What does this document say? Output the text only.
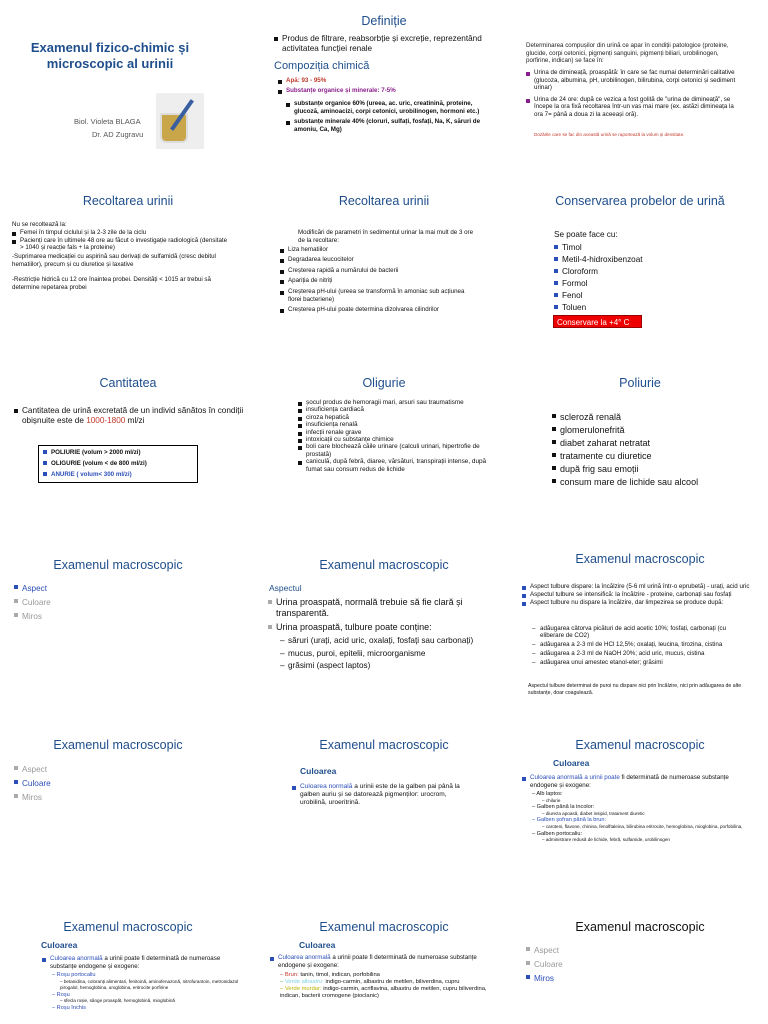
Examenul fizico-chimic și microscopic al urinii
Biol. Violeta BLAGA
Dr. AD Zugravu
Definiție
Produs de filtrare, reabsorbție și excreție, reprezentând activitatea funcției renale
Compoziția chimică
Apă: 93 - 95%
Substanțe organice și minerale: 7-5%
substanțe organice 60% (ureea, ac. uric, creatinină, proteine, glucoză, aminoacizi, corpi cetonici, urobilinogen, hormoni etc.)
substanțe minerale 40% (cloruri, sulfați, fosfați, Na, K, săruri de amoniu, Ca, Mg)
Determinarea compușilor din urină ce apar în condiții patologice (proteine, glucide, corpi cetonici, pigmenți sanguini, pigmenți biliari, urobilinogen, porfirine, indican) se face în:
Urina de dimineață, proaspătă: în care se fac numai determinări calitative (glucoza, albumina, pH, urobilinogen, bilirubina, corpi cetonici și sediment urinar)
Urina de 24 ore: după ce vezica a fost golită de "urina de dimineață", se începe la ora fixă recoltarea într-un vas mai mare (ex. astăzi dimineața la ora 7= până a doua zi la aceeași oră).
Dozările care se fac din această urină se raportează la volum și densitate.
Recoltarea urinii
Nu se recoltează la:
Femei în timpul ciclului și la 2-3 zile de la ciclu
Pacienți care în ultimele 48 ore au făcut o investigație radiologică (densitate > 1040 și reacție fals + la proteine)
-Suprimarea medicației cu aspirină sau derivați de sulfamidă (cresc debitul hematiilor), precum și cu diuretice și laxative
-Restricție hidrică cu 12 ore înaintea probei. Densități < 1015 ar trebui să determine repetarea probei
Recoltarea urinii
Modificări de parametri în sedimentul urinar la mai mult de 3 ore de la recoltare:
Liza hematiilor
Degradarea leucocitelor
Creșterea rapidă a numărului de bacterii
Apariția de nitriți
Creșterea pH-ului (ureea se transformă în amoniac sub acțiunea florei bacteriene)
Creșterea pH-ului poate determina dizolvarea cilindrilor
Conservarea probelor de urină
Se poate face cu:
Timol
Metil-4-hidroxibenzoat
Cloroform
Formol
Fenol
Toluen
Conservare la +4° C
Cantitatea
Cantitatea de urină excretată de un individ sănătos în condiții obișnuite este de 1000-1800 ml/zi
POLIURIE (volum > 2000 ml/zi)
OLIGURIE (volum < de 800 ml/zi)
ANURIE ( volum< 300 ml/zi)
Oligurie
șocul produs de hemoragii mari, arsuri sau traumatisme
insuficiența cardiacă
ciroza hepatică
insuficiența renală
infecții renale grave
intoxicații cu substanțe chimice
boli care blochează căile urinare (calculi urinari, hipertrofie de prostată)
caniculă, după febră, diaree, vărsături, transpirații intense, după fumat sau consum redus de lichide
Poliurie
scleroză renală
glomerulonefrită
diabet zaharat netratat
tratamente cu diuretice
după frig sau emoții
consum mare de lichide sau alcool
Examenul macroscopic
Aspect
Culoare
Miros
Examenul macroscopic
Aspectul
Urina proaspată, normală trebuie să fie clară și transparentă.
Urina proaspată, tulbure poate conține:
– săruri (urați, acid uric, oxalați, fosfați sau carbonați)
– mucus, puroi, epitelii, microorganisme
– grăsimi (aspect laptos)
Examenul macroscopic
Aspect tulbure dispare: la încălzire (5-6 ml urină într-o eprubetă) - urați, acid uric
Aspectul tulbure se intensifică: la încălzire - proteine, carbonați sau fosfați
Aspect tulbure nu dispare la încălzire, dar limpezirea se produce după:
– adăugarea câtorva picături de acid acetic 10%; fosfați, carbonați (cu eliberare de CO2)
– adăugarea a 2-3 ml de HCl 12,5%; oxalați, leucina, tirozina, cistina
– adăugarea a 2-3 ml de NaOH 20%; acid uric, mucus, cistina
– adăugarea unui amestec etanol-eter; grăsimi
Aspectul tulbure determinat de puroi nu dispare nici prin încălzire, nici prin adăugarea de alte substanțe, doar coagulează.
Examenul macroscopic
Aspect
Culoare
Miros
Examenul macroscopic
Culoarea
Culoarea normală a urinii este de la galben pai până la galben auriu și se datorează pigmenților: urocrom, urobilină, uroeritrină.
Examenul macroscopic
Culoarea
Culoarea anormală a urinii poate fi determinată de numeroase substanțe endogene și exogene:
– Alb laptos:
– chilurie
– Galben până la incolor:
– diureza apoasă, diabet insipid, tratament diuretic
– Galben șofran până la brun:
– caroteni, flavone, chinina, fenolftaleina, bilirubina eritrocite, hemoglobina, mioglobina, porfobilina,
– Galben portocaliu:
– administrare redusă de lichide, febră, sulfamide, urobilinogen
Examenul macroscopic
Culoarea
Culoarea anormală a urinii poate fi determinată de numeroase substanțe endogene și exogene:
– Roșu portocaliu
– betanidina, coloranți alimentari, fenitoină, aminofenazonă, nitrofurantoin, metronidazol pirogalol, hemoglobina, uroglobina, eritrocite porfirine
– Roșu
– sfecla roșie, sânge proaspăt, hemoglobină, mioglobină
– Roșu închis
Examenul macroscopic
Culoarea
Culoarea anormală a urinii poate fi determinată de numeroase substanțe endogene și exogene:
– Brun: tanin, timol, indican, porfobilina
– Verde albastru: indigo-carmin, albastru de metilen, biliverdina, cupru
– Verde murdar: indigo-carmin, acriflavina, albastru de metilen, cupru biliverdina, indican, bacterii cromogene (pioclanic)
Examenul macroscopic
Aspect
Culoare
Miros
